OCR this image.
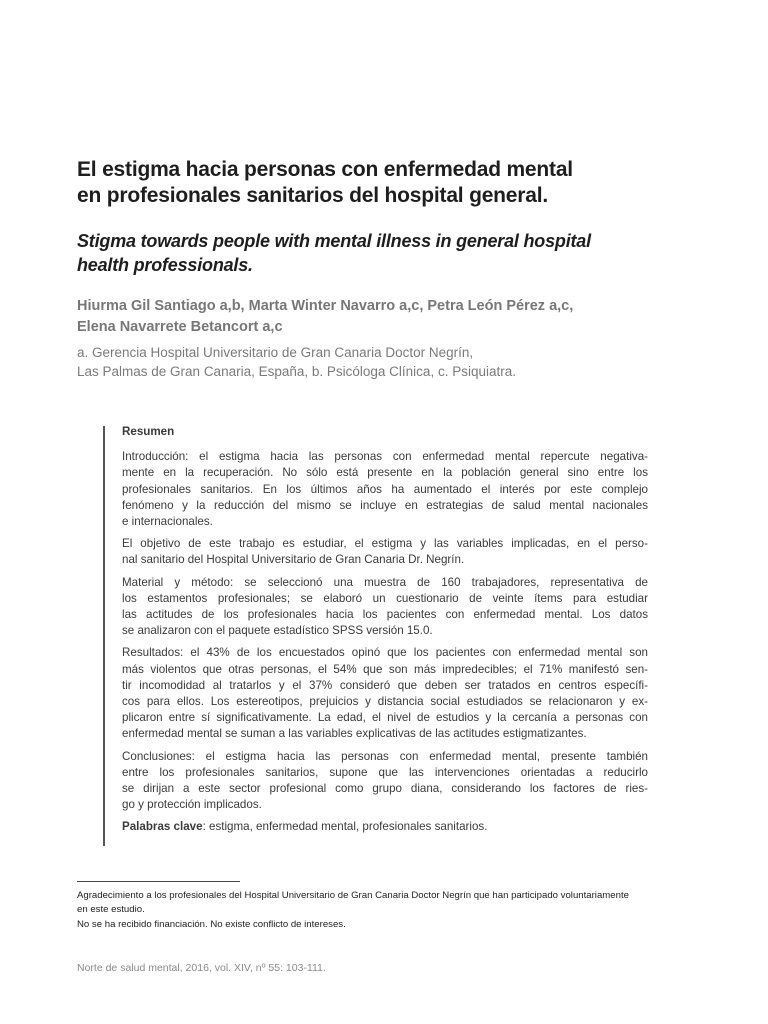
El estigma hacia personas con enfermedad mental
en profesionales sanitarios del hospital general.
Stigma towards people with mental illness in general hospital
health professionals.
Hiurma Gil Santiago a,b, Marta Winter Navarro a,c, Petra León Pérez a,c,
Elena Navarrete Betancort a,c
a. Gerencia Hospital Universitario de Gran Canaria Doctor Negrín,
Las Palmas de Gran Canaria, España, b. Psicóloga Clínica, c. Psiquiatra.
Resumen

Introducción: el estigma hacia las personas con enfermedad mental repercute negativa-
mente en la recuperación. No sólo está presente en la población general sino entre los
profesionales sanitarios. En los últimos años ha aumentado el interés por este complejo
fenómeno y la reducción del mismo se incluye en estrategias de salud mental nacionales
e internacionales.

El objetivo de este trabajo es estudiar, el estigma y las variables implicadas, en el perso-
nal sanitario del Hospital Universitario de Gran Canaria Dr. Negrín.

Material y método: se seleccionó una muestra de 160 trabajadores, representativa de
los estamentos profesionales; se elaboró un cuestionario de veinte ítems para estudiar
las actitudes de los profesionales hacia los pacientes con enfermedad mental. Los datos
se analizaron con el paquete estadístico SPSS versión 15.0.

Resultados: el 43% de los encuestados opinó que los pacientes con enfermedad mental son
más violentos que otras personas, el 54% que son más impredecibles; el 71% manifestó sen-
tir incomodidad al tratarlos y el 37% consideró que deben ser tratados en centros específi-
cos para ellos. Los estereotipos, prejuicios y distancia social estudiados se relacionaron y ex-
plicaron entre sí significativamente. La edad, el nivel de estudios y la cercanía a personas con
enfermedad mental se suman a las variables explicativas de las actitudes estigmatizantes.

Conclusiones: el estigma hacia las personas con enfermedad mental, presente también
entre los profesionales sanitarios, supone que las intervenciones orientadas a reducirlo
se dirijan a este sector profesional como grupo diana, considerando los factores de ries-
go y protección implicados.

Palabras clave: estigma, enfermedad mental, profesionales sanitarios.

Agradecimiento a los profesionales del Hospital Universitario de Gran Canaria Doctor Negrín que han participado voluntariamente
en este estudio.

No se ha recibido financiación. No existe conflicto de intereses.

Norte de salud mental, 2016, vol. XIV, nº 55: 103-111.
